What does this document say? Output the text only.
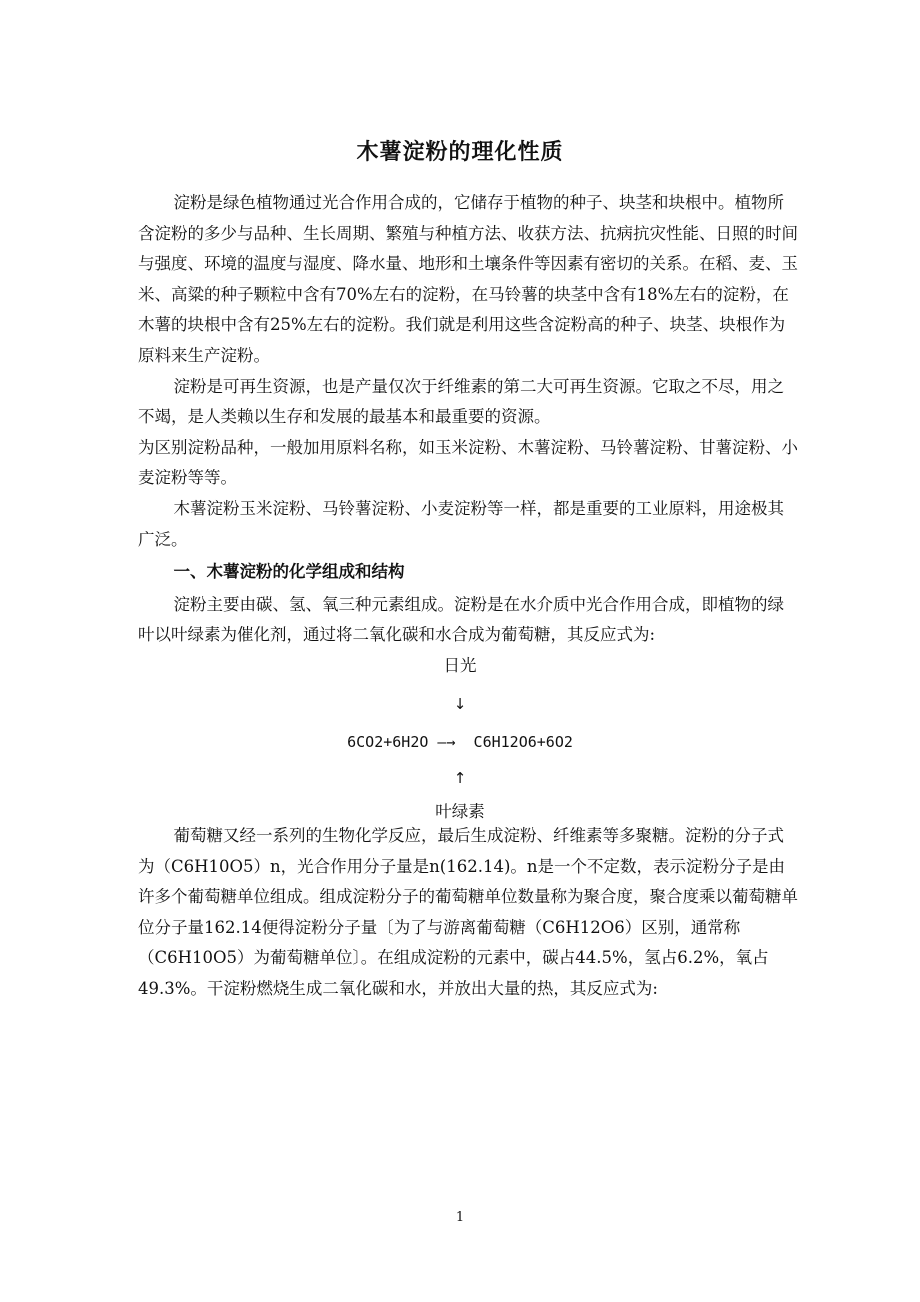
木薯淀粉的理化性质

淀粉是绿色植物通过光合作用合成的，它储存于植物的种子、块茎和块根中。植物所含淀粉的多少与品种、生长周期、繁殖与种植方法、收获方法、抗病抗灾性能、日照的时间与强度、环境的温度与湿度、降水量、地形和土壤条件等因素有密切的关系。在稻、麦、玉米、高粱的种子颗粒中含有70%左右的淀粉，在马铃薯的块茎中含有18%左右的淀粉，在木薯的块根中含有25%左右的淀粉。我们就是利用这些含淀粉高的种子、块茎、块根作为原料来生产淀粉。

淀粉是可再生资源，也是产量仅次于纤维素的第二大可再生资源。它取之不尽，用之不竭，是人类赖以生存和发展的最基本和最重要的资源。

为区别淀粉品种，一般加用原料名称，如玉米淀粉、木薯淀粉、马铃薯淀粉、甘薯淀粉、小麦淀粉等等。

木薯淀粉玉米淀粉、马铃薯淀粉、小麦淀粉等一样，都是重要的工业原料，用途极其广泛。

一、木薯淀粉的化学组成和结构

淀粉主要由碳、氢、氧三种元素组成。淀粉是在水介质中光合作用合成，即植物的绿叶以叶绿素为催化剂，通过将二氧化碳和水合成为葡萄糖，其反应式为:

日光
↓
6CO2+6H2O —→ C6H12O6+6O2
↑
叶绿素

葡萄糖又经一系列的生物化学反应，最后生成淀粉、纤维素等多聚糖。淀粉的分子式为（C6H10O5）n，光合作用分子量是n(162.14)。n是一个不定数，表示淀粉分子是由许多个葡萄糖单位组成。组成淀粉分子的葡萄糖单位数量称为聚合度，聚合度乘以葡萄糖单位分子量162.14便得淀粉分子量〔为了与游离葡萄糖（C6H12O6）区别，通常称（C6H10O5）为葡萄糖单位〕。在组成淀粉的元素中，碳占44.5%，氢占6.2%，氧占49.3%。干淀粉燃烧生成二氧化碳和水，并放出大量的热，其反应式为:

1
